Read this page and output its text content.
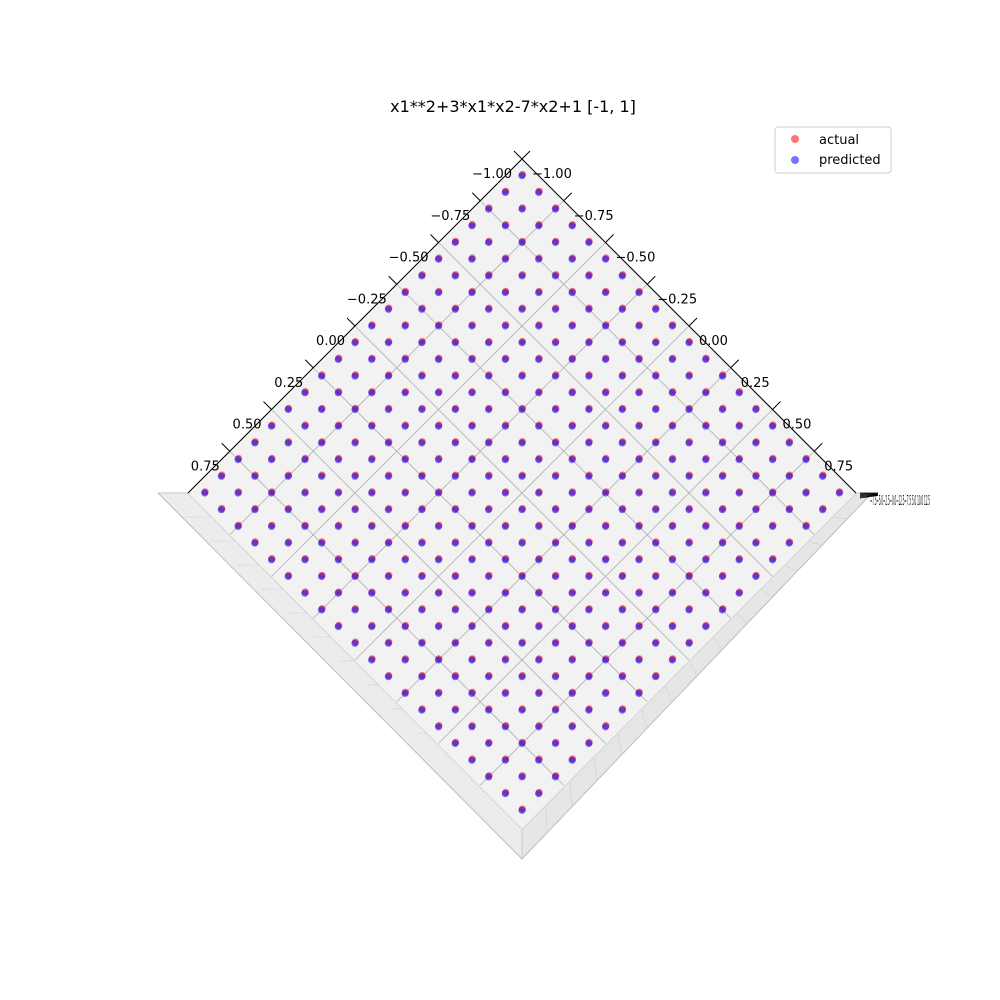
x1**2+3*x1*x2-7*x2+1 [-1, 1]
−1.00
−1.00
−0.75
−0.75
−0.50
−0.50
−0.25
−0.25
0.00
0.00
0.25
0.25
0.50
0.50
0.75
0.75
−7.5−5.0−2.5−0.0−12.5−7.5 5.0 10.0 12.5
actual
predicted
